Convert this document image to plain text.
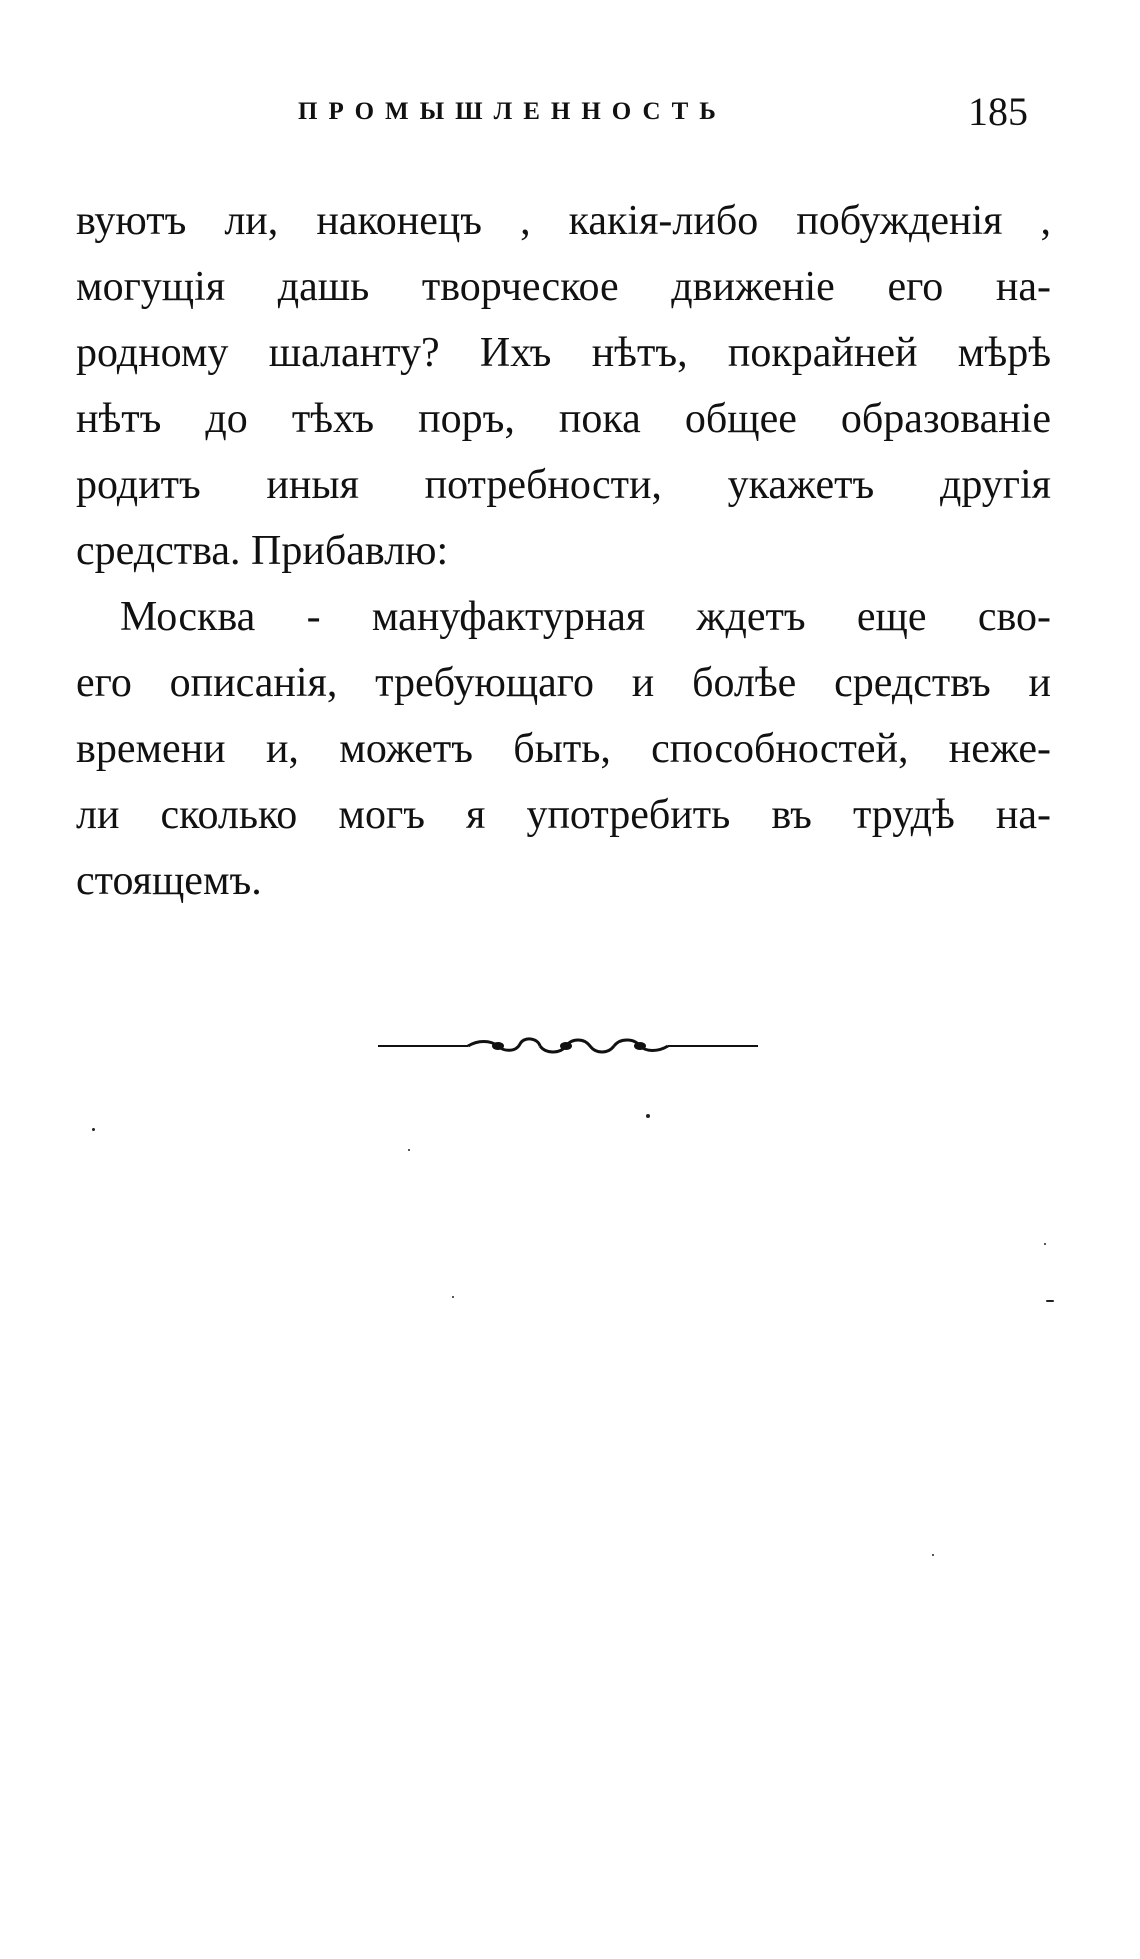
ПРОМЫШЛЕННОСТЬ	185
вуютъ ли, наконецъ , какія-либо побужденія ,
могущія дашь творческое движеніе его на-
родному шаланту? Ихъ нѣтъ, покрайней мѣрѣ
нѣтъ до тѣхъ поръ, пока общее образованіе
родитъ иныя потребности, укажетъ другія
средства. Прибавлю:
Москва - мануфактурная ждетъ еще сво-
его описанія, требующаго и болѣе средствъ и
времени и, можетъ быть, способностей, неже-
ли сколько могъ я употребить въ трудѣ на-
стоящемъ.
